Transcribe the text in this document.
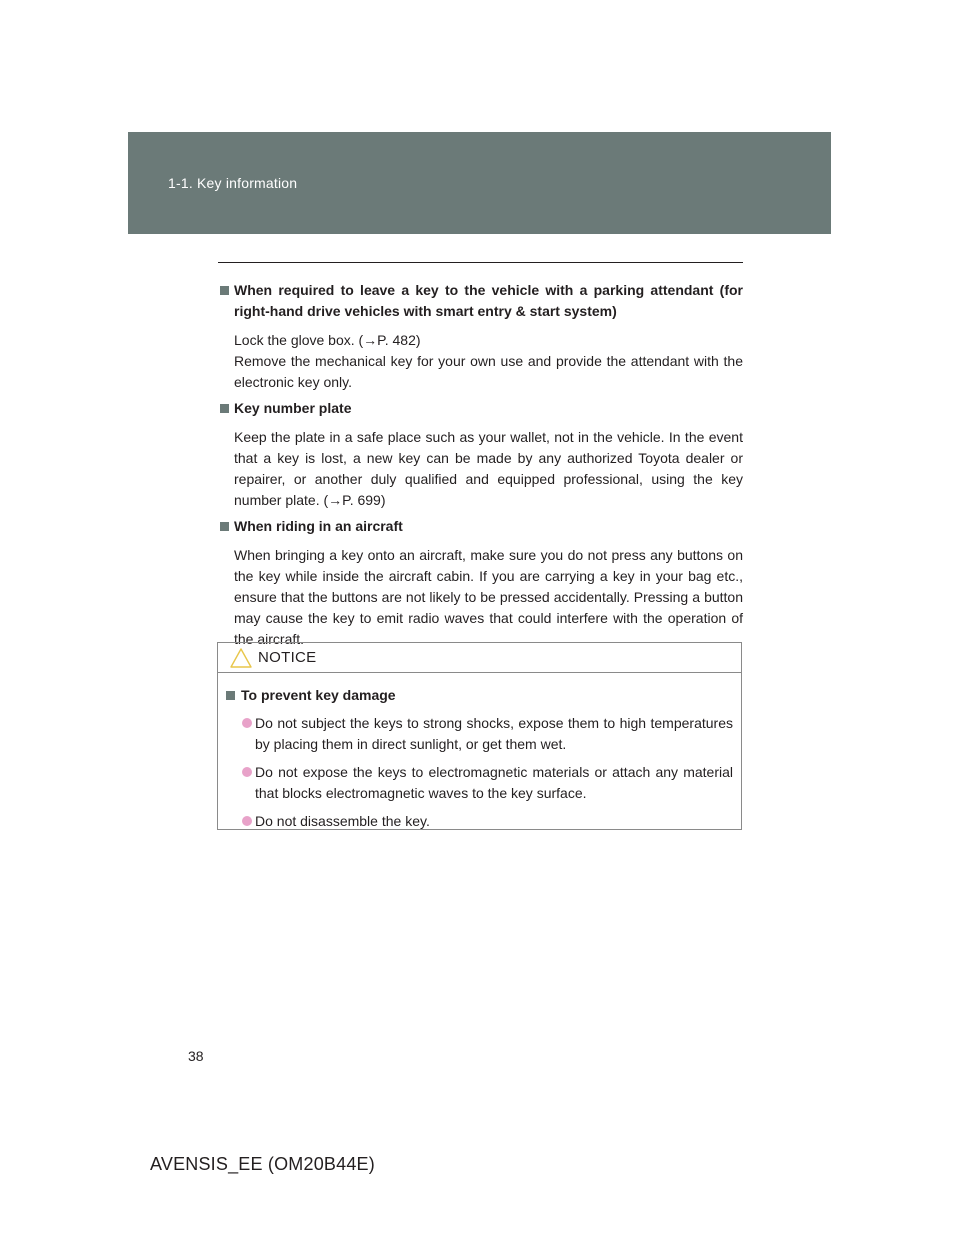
1-1. Key information
When required to leave a key to the vehicle with a parking attendant (for right-hand drive vehicles with smart entry & start system)

Lock the glove box. (→P. 482)

Remove the mechanical key for your own use and provide the attendant with the electronic key only.

Key number plate

Keep the plate in a safe place such as your wallet, not in the vehicle. In the event that a key is lost, a new key can be made by any authorized Toyota dealer or repairer, or another duly qualified and equipped professional, using the key number plate. (→P. 699)

When riding in an aircraft

When bringing a key onto an aircraft, make sure you do not press any buttons on the key while inside the aircraft cabin. If you are carrying a key in your bag etc., ensure that the buttons are not likely to be pressed accidentally. Pressing a button may cause the key to emit radio waves that could interfere with the operation of the aircraft.

NOTICE
To prevent key damage
Do not subject the keys to strong shocks, expose them to high temperatures by placing them in direct sunlight, or get them wet.
Do not expose the keys to electromagnetic materials or attach any material that blocks electromagnetic waves to the key surface.
Do not disassemble the key.
38
AVENSIS_EE (OM20B44E)
